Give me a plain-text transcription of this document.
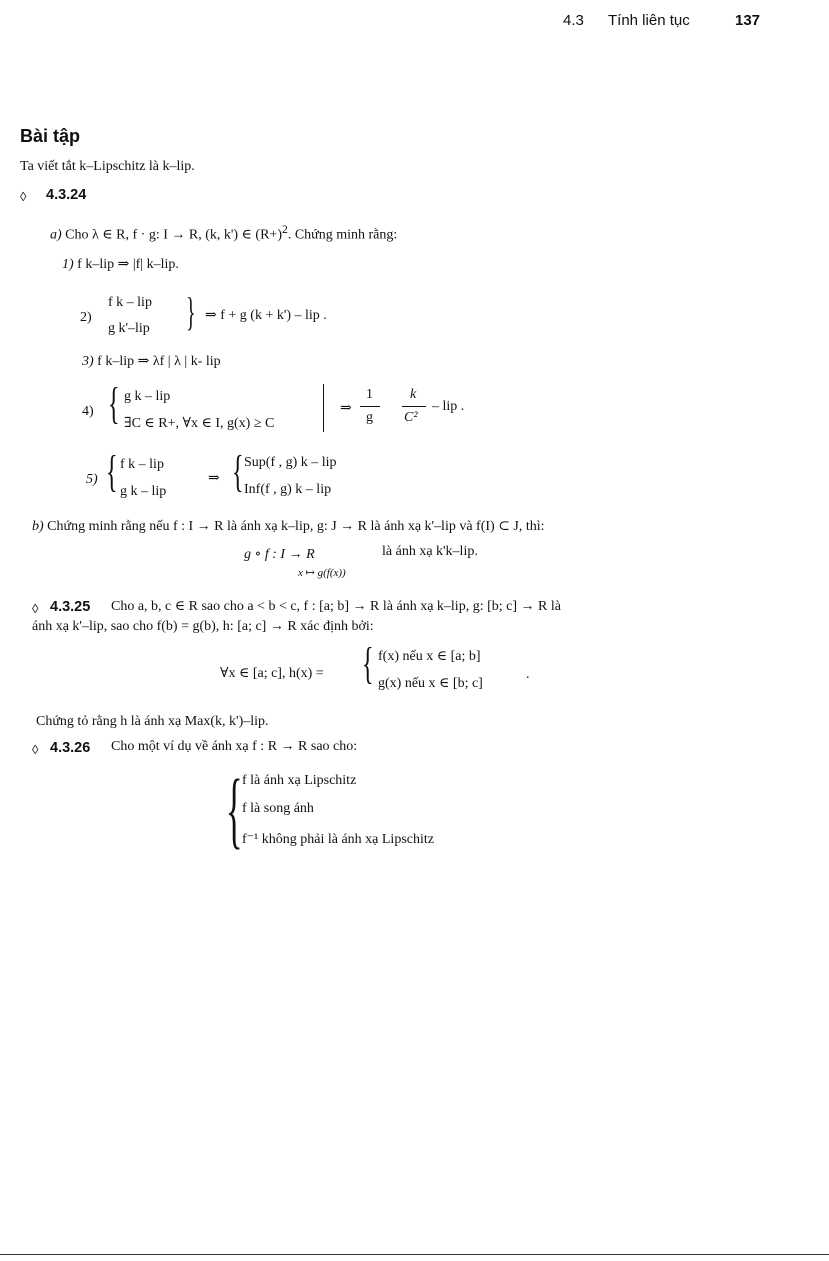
4.3 Tính liên tục	137
Bài tập
Ta viết tắt k–Lipschitz là k–lip.
◊ 4.3.24
a) Cho λ ∈ R, f · g: I → R, (k, k') ∈ $(R+)^2$. Chứng minh rằng:
1) f k–lip ⇒ |f| k–lip.
2)
f k – lip
g k'–lip } ⇒ f + g (k + k') – lip .
3) f k–lip ⇒ λf | λ | k- lip
4) { g k – lip
∃C ∈ R+, ∀x ∈ I, g(x) ≥ C
⇒
1
g
k
C²
– lip .
5) { f k – lip
g k – lip
⇒ { Sup(f , g) k – lip
Inf(f , g) k – lip
b) Chứng minh rằng nếu f : I → R là ánh xạ k–lip, g: J → R là ánh xạ k'–lip và f(I) ⊂ J, thì:
g ∘ f : I → R	là ánh xạ k'k–lip.
x ↦ g(f(x))
◊ 4.3.25 Cho a, b, c ∈ R sao cho a < b < c, f : [a; b] → R là ánh xạ k–lip, g: [b; c] → R là
ánh xạ k'–lip, sao cho f(b) = g(b), h: [a; c] → R xác định bởi:
∀x ∈ [a; c], h(x) = { f(x) nếu x ∈ [a; b]
g(x) nếu x ∈ [b; c]
.
Chứng tỏ rằng h là ánh xạ Max(k, k')–lip.
◊ 4.3.26 Cho một ví dụ về ánh xạ f : R → R sao cho:
{ f là ánh xạ Lipschitz
f là song ánh
f⁻¹ không phải là ánh xạ Lipschitz
